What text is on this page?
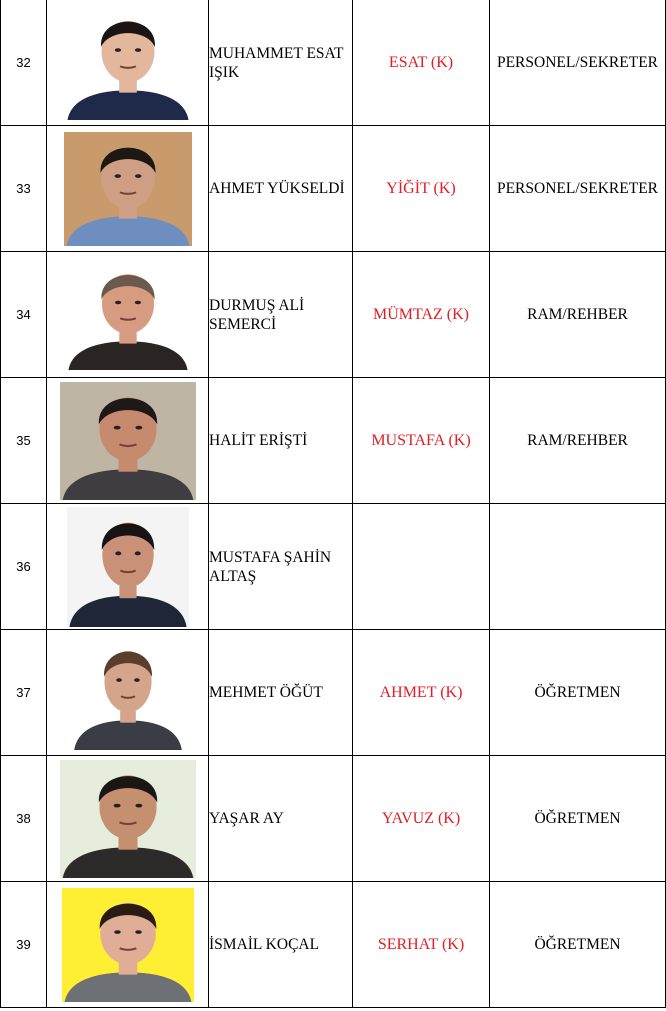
32		MUHAMMET ESAT IŞIK	ESAT (K)	PERSONEL/SEKRETER
33		AHMET YÜKSELDİ	YİĞİT (K)	PERSONEL/SEKRETER
34		DURMUŞ ALİ SEMERCİ	MÜMTAZ (K)	RAM/REHBER
35		HALİT ERİŞTİ	MUSTAFA (K)	RAM/REHBER
36		MUSTAFA ŞAHİN ALTAŞ		
37		MEHMET ÖĞÜT	AHMET (K)	ÖĞRETMEN
38		YAŞAR AY	YAVUZ (K)	ÖĞRETMEN
39		İSMAİL KOÇAL	SERHAT (K)	ÖĞRETMEN
